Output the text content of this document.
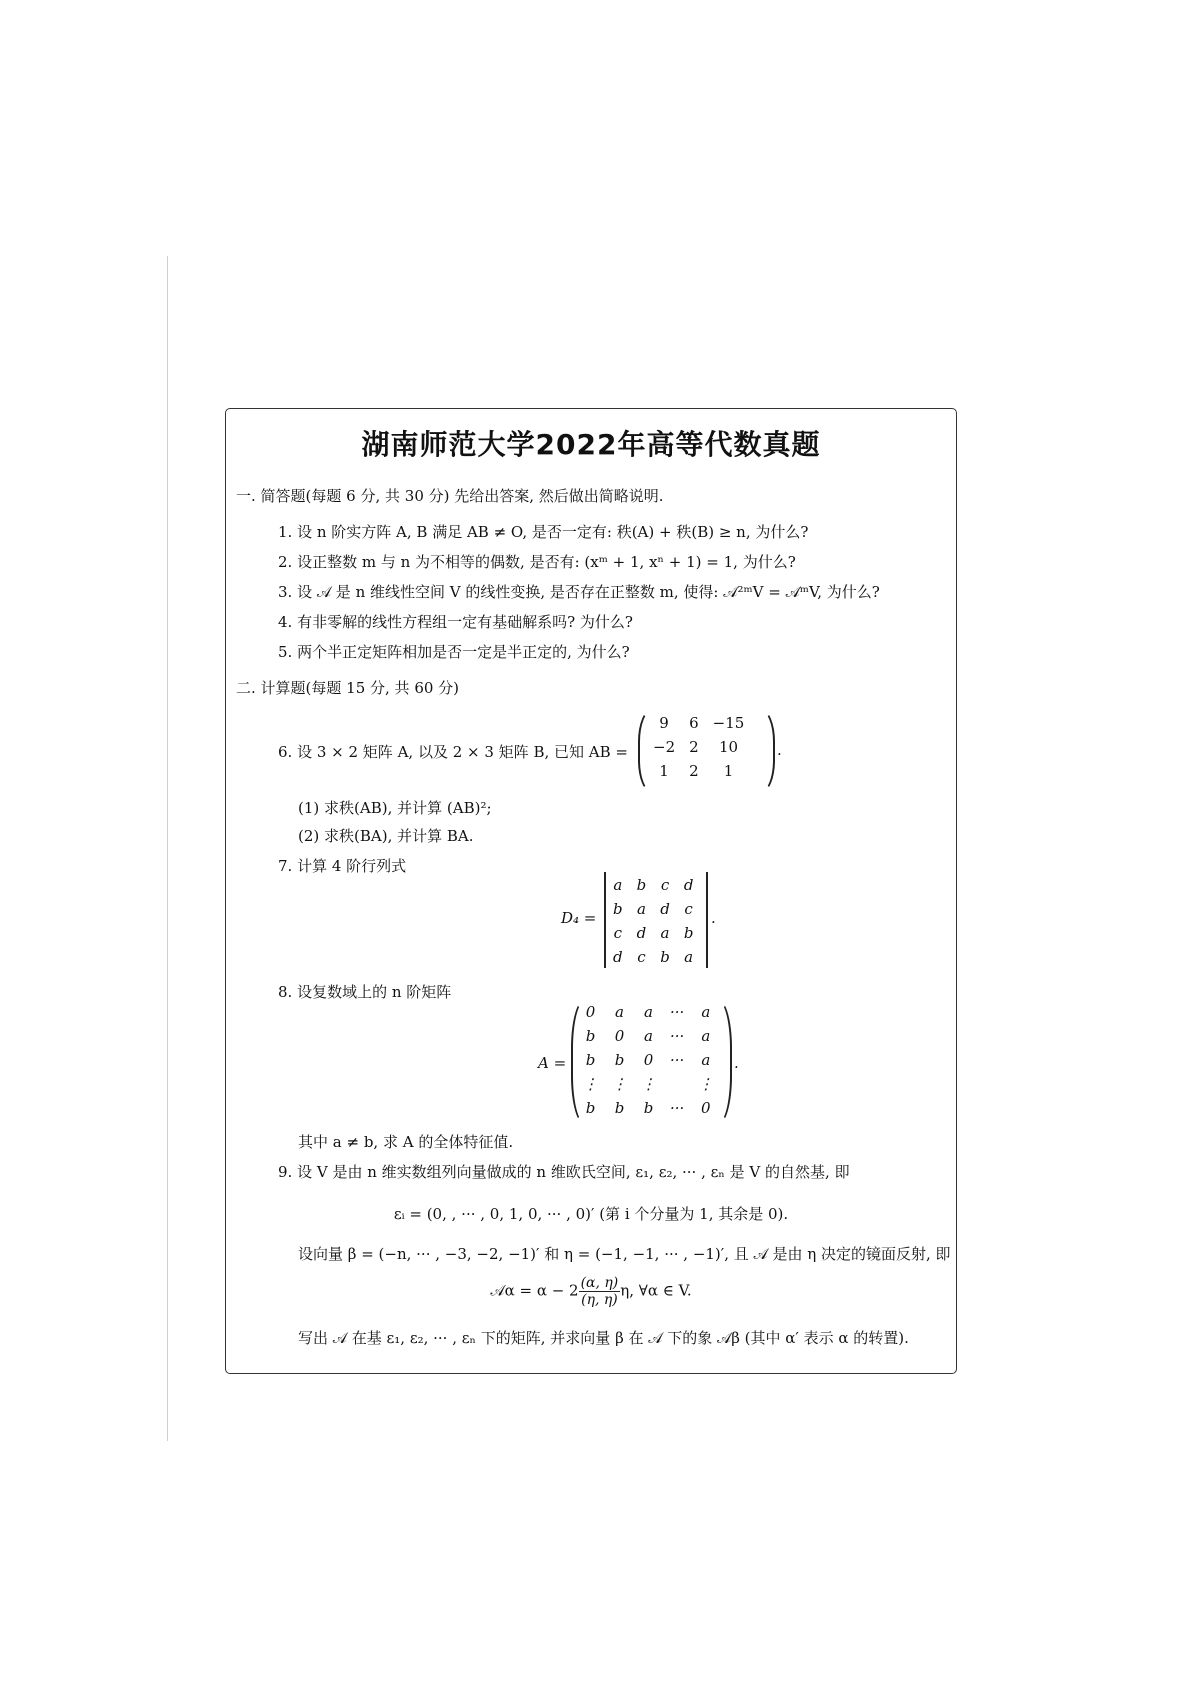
湖南师范大学2022年高等代数真题
一. 简答题(每题 6 分, 共 30 分) 先给出答案, 然后做出简略说明.
1. 设 n 阶实方阵 A, B 满足 AB ≠ O, 是否一定有: 秩(A) + 秩(B) ≥ n, 为什么?
2. 设正整数 m 与 n 为不相等的偶数, 是否有: (xᵐ + 1, xⁿ + 1) = 1, 为什么?
3. 设 𝒜 是 n 维线性空间 V 的线性变换, 是否存在正整数 m, 使得: 𝒜²ᵐV = 𝒜ᵐV, 为什么?
4. 有非零解的线性方程组一定有基础解系吗? 为什么?
5. 两个半正定矩阵相加是否一定是半正定的, 为什么?
二. 计算题(每题 15 分, 共 60 分)
6. 设 3 × 2 矩阵 A, 以及 2 × 3 矩阵 B, 已知 AB =
9	6	−15
−2	2	10
1	2	1
.
(1) 求秩(AB), 并计算 (AB)²;
(2) 求秩(BA), 并计算 BA.
7. 计算 4 阶行列式
D₄ =
a	b	c	d
b	a	d	c
c	d	a	b
d	c	b	a
.
8. 设复数域上的 n 阶矩阵
A =
0	a	a	···	a
b	0	a	···	a
b	b	0	···	a
⋮	⋮	⋮		⋮
b	b	b	···	0
.
其中 a ≠ b, 求 A 的全体特征值.
9. 设 V 是由 n 维实数组列向量做成的 n 维欧氏空间, ε₁, ε₂, ··· , εₙ 是 V 的自然基, 即
εᵢ = (0, , ··· , 0, 1, 0, ··· , 0)′ (第 i 个分量为 1, 其余是 0).
设向量 β = (−n, ··· , −3, −2, −1)′ 和 η = (−1, −1, ··· , −1)′, 且 𝒜 是由 η 决定的镜面反射, 即
𝒜α = $\alpha - 2 \frac{(\alpha, \eta)}{(\eta, \eta)} \eta$, ∀α ∈ V.
写出 𝒜 在基 ε₁, ε₂, ··· , εₙ 下的矩阵, 并求向量 β 在 𝒜 下的象 𝒜β (其中 α′ 表示 α 的转置).
